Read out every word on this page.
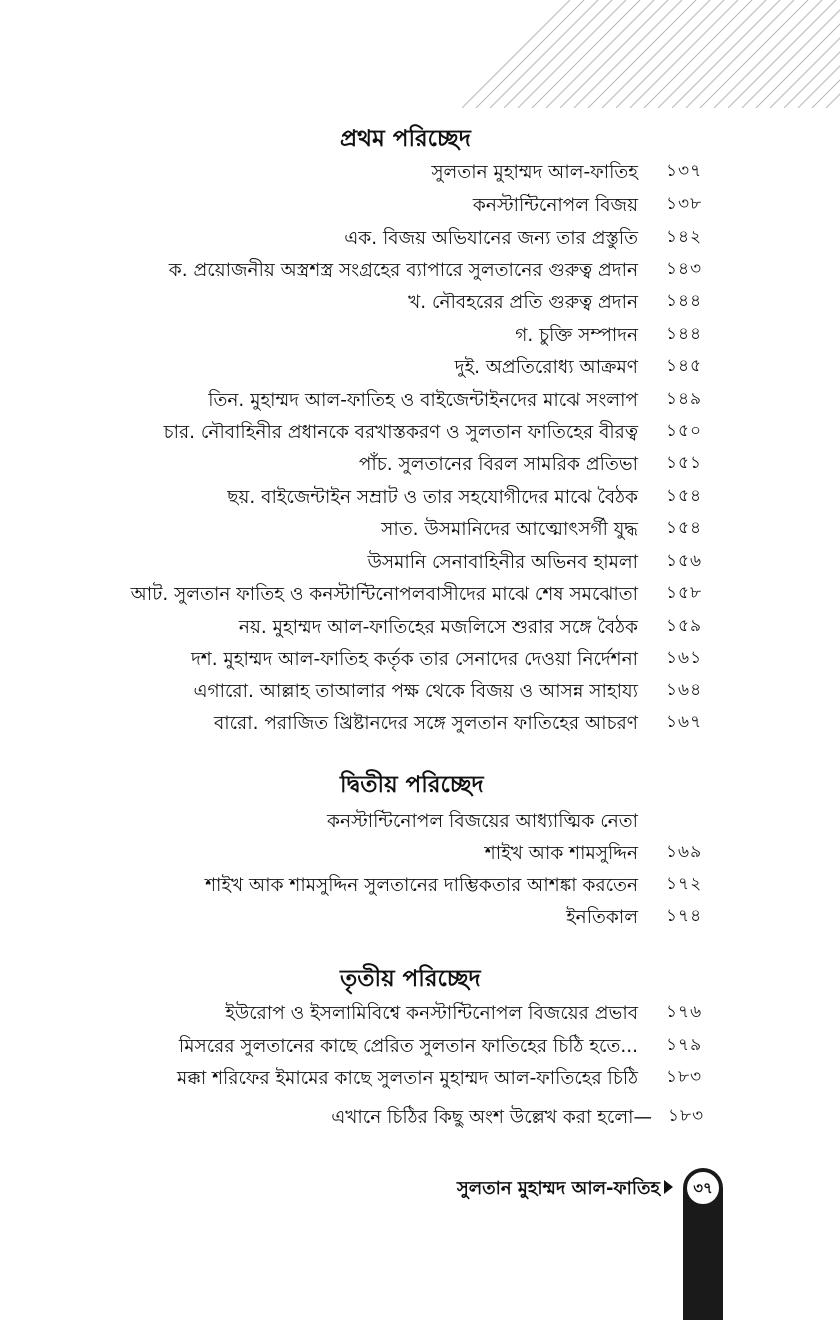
প্রথম পরিচ্ছেদ
সুলতান মুহাম্মদ আল-ফাতিহ ১৩৭
কনস্টান্টিনোপল বিজয় ১৩৮
এক. বিজয় অভিযানের জন্য তার প্রস্তুতি ১৪২
ক. প্রয়োজনীয় অস্ত্রশস্ত্র সংগ্রহের ব্যাপারে সুলতানের গুরুত্ব প্রদান ১৪৩
খ. নৌবহরের প্রতি গুরুত্ব প্রদান ১৪৪
গ. চুক্তি সম্পাদন ১৪৪
দুই. অপ্রতিরোধ্য আক্রমণ ১৪৫
তিন. মুহাম্মদ আল-ফাতিহ ও বাইজেন্টাইনদের মাঝে সংলাপ ১৪৯
চার. নৌবাহিনীর প্রধানকে বরখাস্তকরণ ও সুলতান ফাতিহের বীরত্ব ১৫০
পাঁচ. সুলতানের বিরল সামরিক প্রতিভা ১৫১
ছয়. বাইজেন্টাইন সম্রাট ও তার সহযোগীদের মাঝে বৈঠক ১৫৪
সাত. উসমানিদের আত্মোৎসর্গী যুদ্ধ ১৫৪
উসমানি সেনাবাহিনীর অভিনব হামলা ১৫৬
আট. সুলতান ফাতিহ ও কনস্টান্টিনোপলবাসীদের মাঝে শেষ সমঝোতা ১৫৮
নয়. মুহাম্মদ আল-ফাতিহের মজলিসে শুরার সঙ্গে বৈঠক ১৫৯
দশ. মুহাম্মদ আল-ফাতিহ কর্তৃক তার সেনাদের দেওয়া নির্দেশনা ১৬১
এগারো. আল্লাহ তাআলার পক্ষ থেকে বিজয় ও আসন্ন সাহায্য ১৬৪
বারো. পরাজিত খ্রিষ্টানদের সঙ্গে সুলতান ফাতিহের আচরণ ১৬৭
দ্বিতীয় পরিচ্ছেদ
কনস্টান্টিনোপল বিজয়ের আধ্যাত্মিক নেতা
শাইখ আক শামসুদ্দিন ১৬৯
শাইখ আক শামসুদ্দিন সুলতানের দাম্ভিকতার আশঙ্কা করতেন ১৭২
ইনতিকাল ১৭৪
তৃতীয় পরিচ্ছেদ
ইউরোপ ও ইসলামিবিশ্বে কনস্টান্টিনোপল বিজয়ের প্রভাব ১৭৬
মিসরের সুলতানের কাছে প্রেরিত সুলতান ফাতিহের চিঠি হতে... ১৭৯
মক্কা শরিফের ইমামের কাছে সুলতান মুহাম্মদ আল-ফাতিহের চিঠি ১৮৩
এখানে চিঠির কিছু অংশ উল্লেখ করা হলো— ১৮৩
সুলতান মুহাম্মদ আল-ফাতিহ	৩৭
